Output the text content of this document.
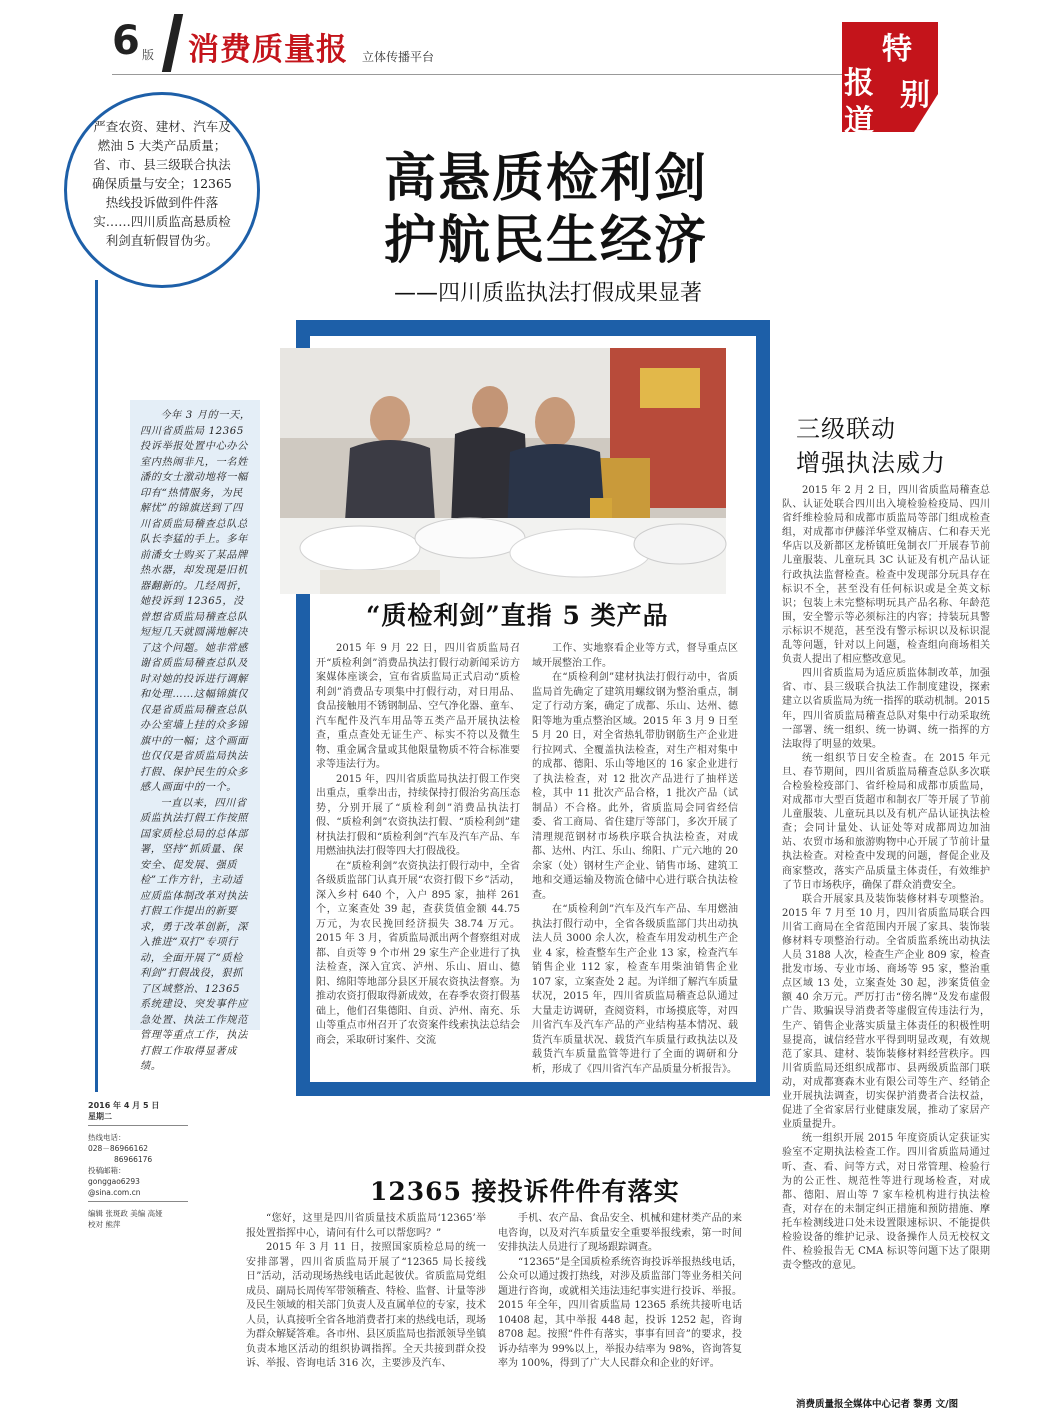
6 版 消费质量报 立体传播平台	特
别
报
道
严查农资、建材、汽车及燃油 5 大类产品质量；省、市、县三级联合执法确保质量与安全；12365 热线投诉做到件件落实……四川质监高悬质检利剑直斩假冒伪劣。
高悬质检利剑
护航民生经济
——四川质监执法打假成果显著

今年 3 月的一天，四川省质监局 12365 投诉举报处置中心办公室内热闹非凡，一名姓潘的女士激动地将一幅印有“热情服务，为民解忧”的锦旗送到了四川省质监局稽查总队总队长李猛的手上。多年前潘女士购买了某品牌热水器，却发现是旧机器翻新的。几经周折，她投诉到 12365，没曾想省质监局稽查总队短短几天就圆满地解决了这个问题。她非常感谢省质监局稽查总队及时对她的投诉进行调解和处理……这幅锦旗仅仅是省质监局稽查总队办公室墙上挂的众多锦旗中的一幅；这个画面也仅仅是省质监局执法打假、保护民生的众多感人画面中的一个。

一直以来，四川省质监执法打假工作按照国家质检总局的总体部署，坚持“抓质量、保安全、促发展、强质检”工作方针，主动适应质监体制改革对执法打假工作提出的新要求，勇于改革创新，深入推进“双打”专项行动，全面开展了“质检利剑”打假战役，狠抓了区域整治、12365 系统建设、突发事件应急处置、执法工作规范管理等重点工作，执法打假工作取得显著成绩。

2016 年 4 月 5 日
星期二
热线电话：
028－86966162
86966176
投稿邮箱：
gonggao6293
@sina.com.cn
编辑 张斑政 美编 高娅
校对 熊萍
“质检利剑”直指 5 类产品

2015 年 9 月 22 日，四川省质监局召开“质检利剑”消费品执法打假行动新闻采访方案媒体座谈会，宣布省质监局正式启动“质检利剑”消费品专项集中打假行动，对日用品、食品接触用不锈钢制品、空气净化器、童车、汽车配件及汽车用品等五类产品开展执法检查，重点查处无证生产、标实不符以及微生物、重金属含量或其他限量物质不符合标准要求等违法行为。

2015 年，四川省质监局执法打假工作突出重点，重拳出击，持续保持打假治劣高压态势，分别开展了“质检利剑”消费品执法打假、“质检利剑”农资执法打假、“质检利剑”建材执法打假和“质检利剑”汽车及汽车产品、车用燃油执法打假等四大打假战役。

在“质检利剑”农资执法打假行动中，全省各级质监部门认真开展“农资打假下乡”活动，深入乡村 640 个，入户 895 家，抽样 261 个，立案查处 39 起，查获货值金额 44.75 万元，为农民挽回经济损失 38.74 万元。2015 年 3 月，省质监局派出两个督察组对成都、自贡等 9 个市州 29 家生产企业进行了执法检查，深入宜宾、泸州、乐山、眉山、德阳、绵阳等地部分县区开展农资执法督察。为推动农资打假取得新成效，在春季农资打假基础上，他们召集德阳、自贡、泸州、南充、乐山等重点市州召开了农资案件线索执法总结会商会，采取研讨案件、交流

工作、实地察看企业等方式，督导重点区域开展整治工作。

在“质检利剑”建材执法打假行动中，省质监局首先确定了建筑用螺纹钢为整治重点，制定了行动方案，确定了成都、乐山、达州、德阳等地为重点整治区域。2015 年 3 月 9 日至 5 月 20 日，对全省热轧带肋钢筋生产企业进行拉网式、全覆盖执法检查，对生产相对集中的成都、德阳、乐山等地区的 16 家企业进行了执法检查，对 12 批次产品进行了抽样送检，其中 11 批次产品合格，1 批次产品（试制品）不合格。此外，省质监局会同省经信委、省工商局、省住建厅等部门，多次开展了清理规范钢材市场秩序联合执法检查，对成都、达州、内江、乐山、绵阳、广元六地的 20 余家（处）钢材生产企业、销售市场、建筑工地和交通运输及物流仓储中心进行联合执法检查。

在“质检利剑”汽车及汽车产品、车用燃油执法打假行动中，全省各级质监部门共出动执法人员 3000 余人次，检查车用发动机生产企业 4 家，检查整车生产企业 13 家，检查汽车销售企业 112 家，检查车用柴油销售企业 107 家，立案查处 2 起。为详细了解汽车质量状况，2015 年，四川省质监局稽查总队通过大量走访调研，查阅资料，市场摸底等，对四川省汽车及汽车产品的产业结构基本情况、载货汽车质量状况、载货汽车质量行政执法以及载货汽车质量监管等进行了全面的调研和分析，形成了《四川省汽车产品质量分析报告》。

三级联动
增强执法威力

2015 年 2 月 2 日，四川省质监局稽查总队、认证处联合四川出入境检验检疫局、四川省纤维检验局和成都市质监局等部门组成检查组，对成都市伊藤洋华堂双楠店、仁和春天光华店以及新都区龙桥镇旺兔制衣厂开展春节前儿童服装、儿童玩具 3C 认证及有机产品认证行政执法监督检查。检查中发现部分玩具存在标识不全，甚至没有任何标识或是全英文标识；包装上未完整标明玩具产品名称、年龄范围，安全警示等必须标注的内容；持装玩具警示标识不规范，甚至没有警示标识以及标识混乱等问题，针对以上问题，检查组向商场相关负责人提出了相应整改意见。

四川省质监局为适应质监体制改革，加强省、市、县三级联合执法工作制度建设，探索建立以省质监局为统一指挥的联动机制。2015 年，四川省质监局稽查总队对集中行动采取统一部署、统一组织、统一协调、统一指挥的方法取得了明显的效果。

统一组织节日安全检查。在 2015 年元旦、春节期间，四川省质监局稽查总队多次联合检验检疫部门、省纤检局和成都市质监局，对成都市大型百货超市和制衣厂等开展了节前儿童服装、儿童玩具以及有机产品认证执法检查；会同计量处、认证处等对成都周边加油站、农贸市场和旅游购物中心开展了节前计量执法检查。对检查中发现的问题，督促企业及商家整改，落实产品质量主体责任，有效维护了节日市场秩序，确保了群众消费安全。

联合开展家具及装饰装修材料专项整治。2015 年 7 月至 10 月，四川省质监局联合四川省工商局在全省范围内开展了家具、装饰装修材料专项整治行动。全省质监系统出动执法人员 3188 人次，检查生产企业 809 家，检查批发市场、专业市场、商场等 95 家，整治重点区域 13 处，立案查处 30 起，涉案货值金额 40 余万元。严厉打击“傍名牌”及发布虚假广告、欺骗误导消费者等虚假宣传违法行为，生产、销售企业落实质量主体责任的积极性明显提高，诚信经营水平得到明显改观，有效规范了家具、建材、装饰装修材料经营秩序。四川省质监局还组织成都市、县两级质监部门联动，对成都赛森木业有限公司等生产、经销企业开展执法调查，切实保护消费者合法权益，促进了全省家居行业健康发展，推动了家居产业质量提升。

统一组织开展 2015 年度资质认定获证实验室不定期执法检查工作。四川省质监局通过听、查、看、问等方式，对日常管理、检验行为的公正性、规范性等进行现场检查，对成都、德阳、眉山等 7 家车检机构进行执法检查，对存在的未制定纠正措施和预防措施、摩托车检测线进口处未设置限速标识、不能提供检验设备的维护记录、设备操作人员无校权文件、检验报告无 CMA 标识等问题下达了限期责令整改的意见。

12365 接投诉件件有落实

“您好，这里是四川省质量技术质监局‘12365’举报处置指挥中心，请问有什么可以帮您吗？”

2015 年 3 月 11 日，按照国家质检总局的统一安排部署，四川省质监局开展了“12365 局长接线日”活动，活动现场热线电话此起彼伏。省质监局党组成员、副局长周传军带领稽查、特检、监督、计量等涉及民生领域的相关部门负责人及直属单位的专家，技术人员，认真接听全省各地消费者打来的热线电话，现场为群众解疑答难。各市州、县区质监局也指派领导坐镇负责本地区活动的组织协调指挥。全天共接到群众投诉、举报、咨询电话 316 次，主要涉及汽车、

手机、农产品、食品安全、机械和建材类产品的来电咨询，以及对汽车质量安全重要举报线索，第一时间安排执法人员进行了现场跟踪调查。

“12365”是全国质检系统咨询投诉举报热线电话，公众可以通过拨打热线，对涉及质监部门等业务相关问题进行咨询，或就相关违法违纪事实进行投诉、举报。2015 年全年，四川省质监局 12365 系统共接听电话 10408 起，其中举报 448 起，投诉 1252 起，咨询 8708 起。按照“件件有落实，事事有回音”的要求，投诉办结率为 99%以上，举报办结率为 98%，咨询答复率为 100%，得到了广大人民群众和企业的好评。

消费质量报全媒体中心记者 黎勇 文/图
